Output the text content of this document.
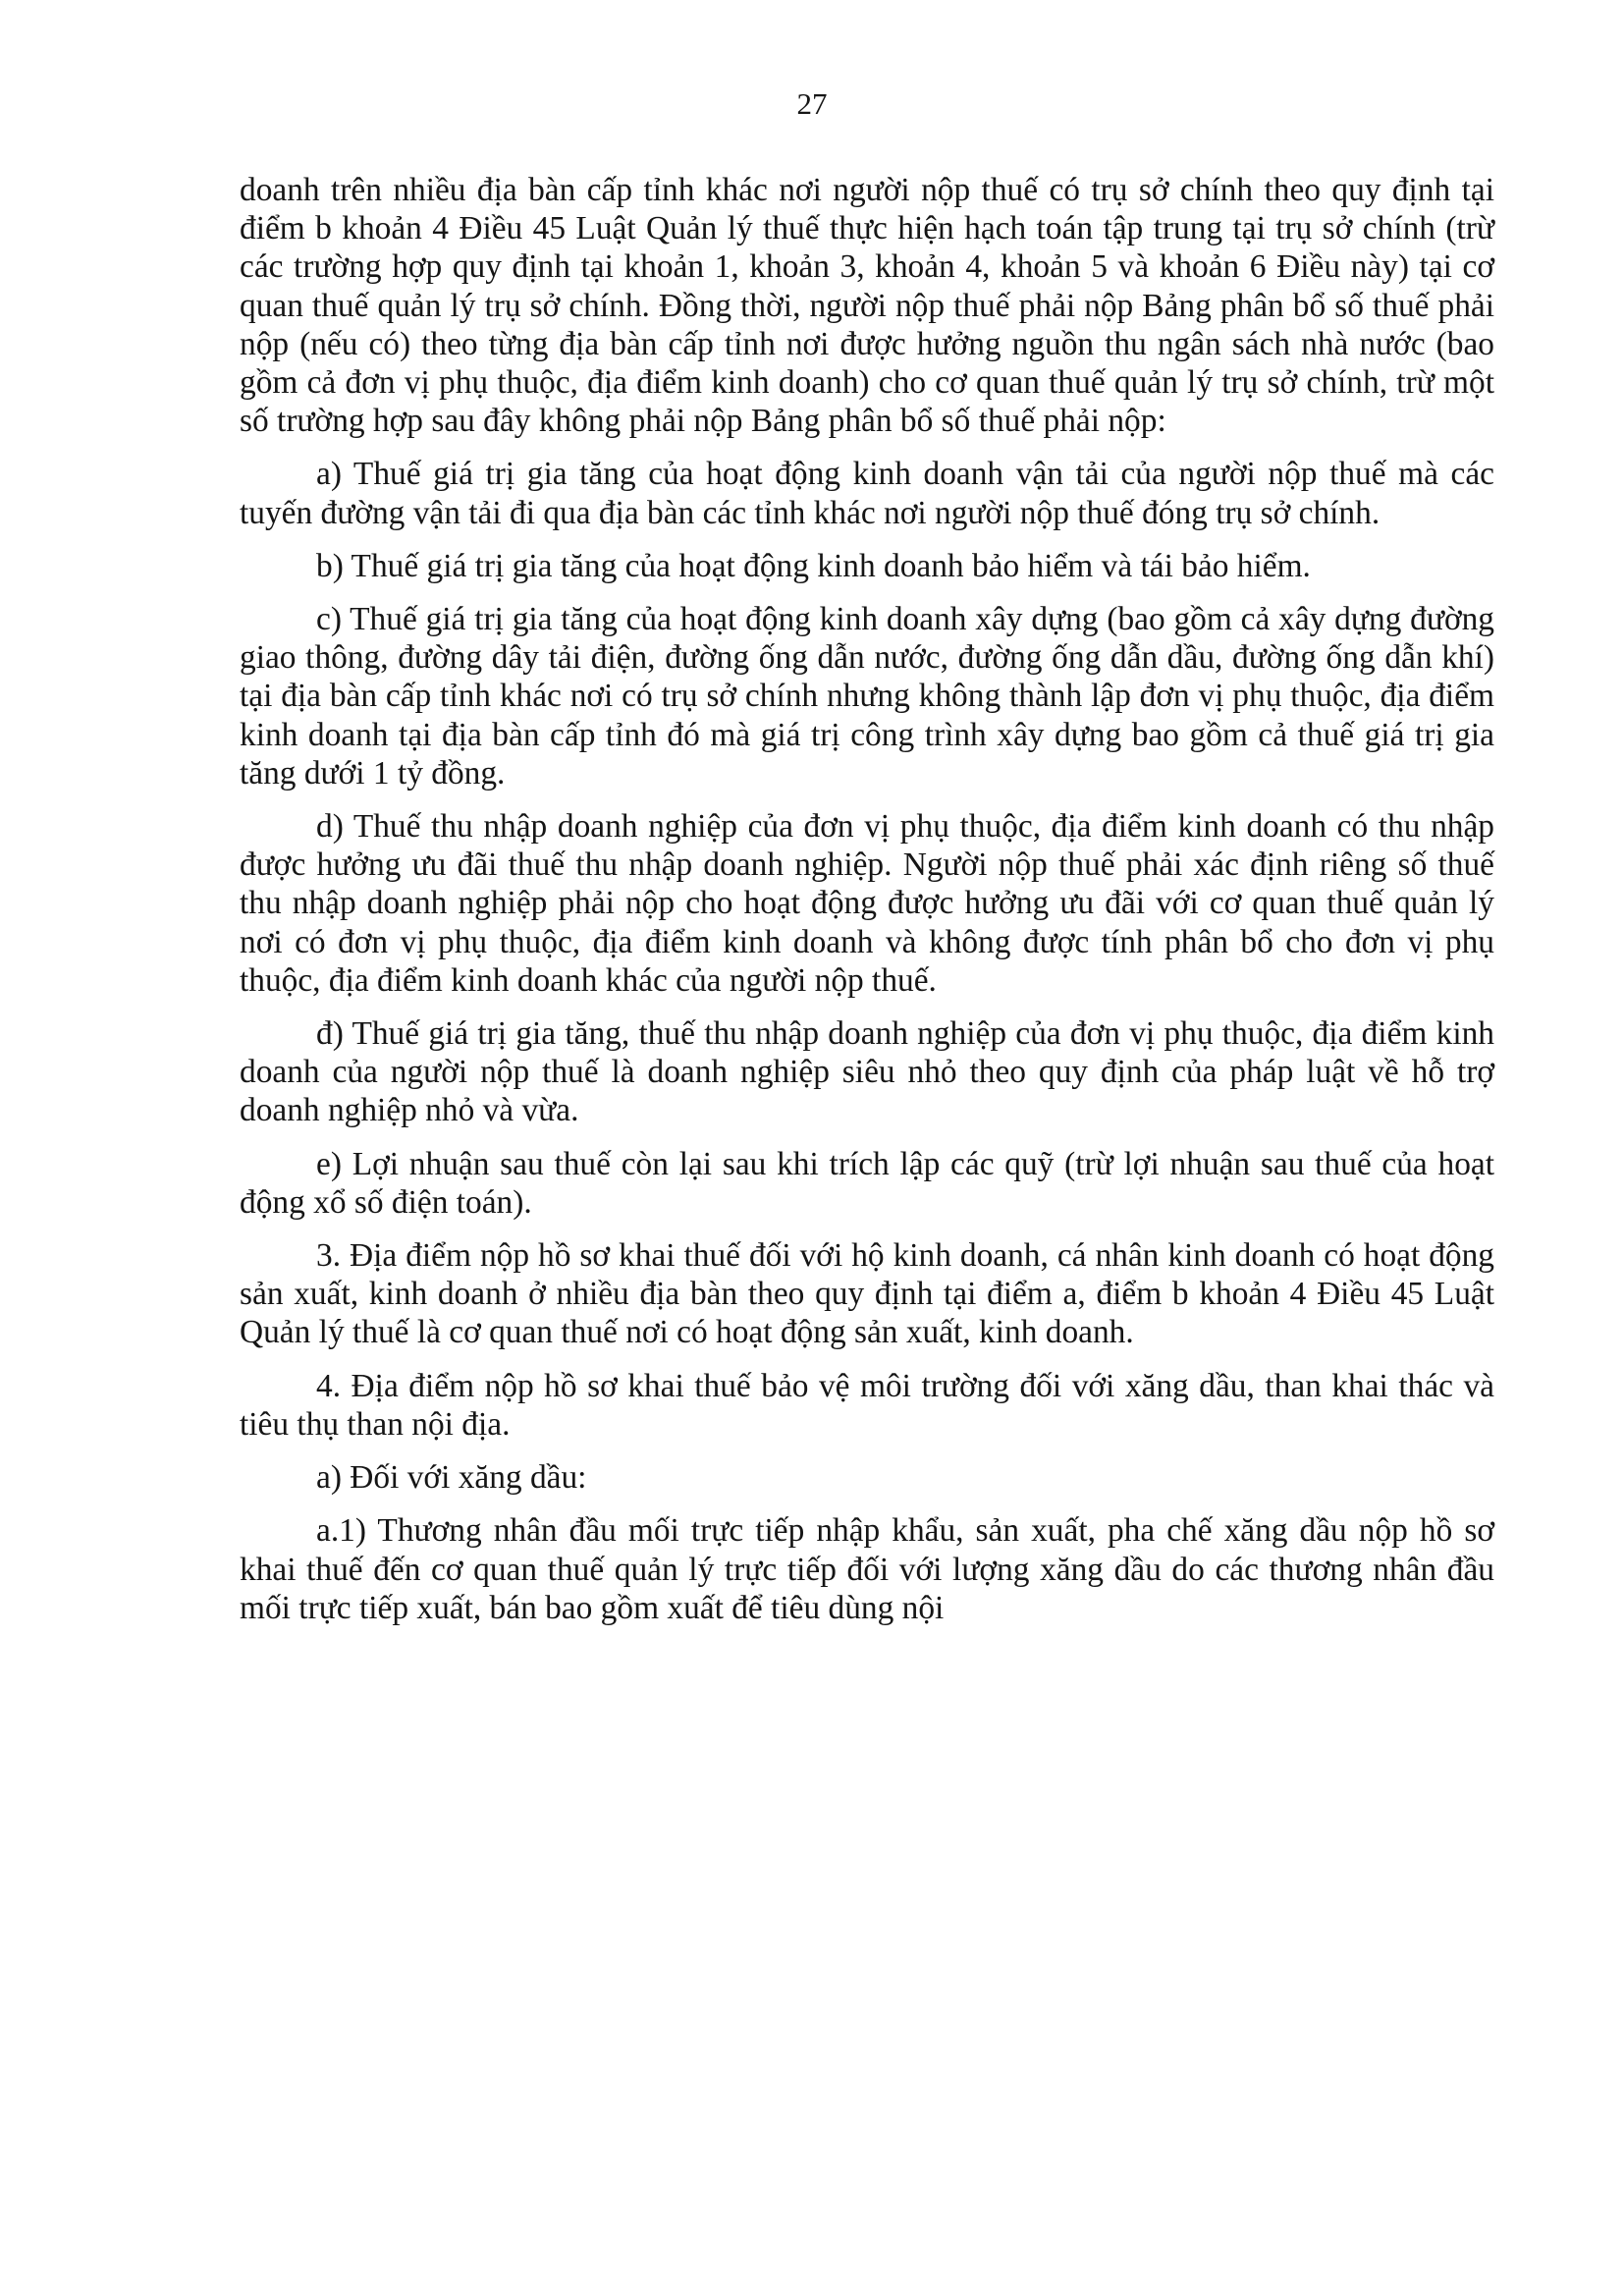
27

doanh trên nhiều địa bàn cấp tỉnh khác nơi người nộp thuế có trụ sở chính theo quy định tại điểm b khoản 4 Điều 45 Luật Quản lý thuế thực hiện hạch toán tập trung tại trụ sở chính (trừ các trường hợp quy định tại khoản 1, khoản 3, khoản 4, khoản 5 và khoản 6 Điều này) tại cơ quan thuế quản lý trụ sở chính. Đồng thời, người nộp thuế phải nộp Bảng phân bổ số thuế phải nộp (nếu có) theo từng địa bàn cấp tỉnh nơi được hưởng nguồn thu ngân sách nhà nước (bao gồm cả đơn vị phụ thuộc, địa điểm kinh doanh) cho cơ quan thuế quản lý trụ sở chính, trừ một số trường hợp sau đây không phải nộp Bảng phân bổ số thuế phải nộp:

a) Thuế giá trị gia tăng của hoạt động kinh doanh vận tải của người nộp thuế mà các tuyến đường vận tải đi qua địa bàn các tỉnh khác nơi người nộp thuế đóng trụ sở chính.

b) Thuế giá trị gia tăng của hoạt động kinh doanh bảo hiểm và tái bảo hiểm.

c) Thuế giá trị gia tăng của hoạt động kinh doanh xây dựng (bao gồm cả xây dựng đường giao thông, đường dây tải điện, đường ống dẫn nước, đường ống dẫn dầu, đường ống dẫn khí) tại địa bàn cấp tỉnh khác nơi có trụ sở chính nhưng không thành lập đơn vị phụ thuộc, địa điểm kinh doanh tại địa bàn cấp tỉnh đó mà giá trị công trình xây dựng bao gồm cả thuế giá trị gia tăng dưới 1 tỷ đồng.

d) Thuế thu nhập doanh nghiệp của đơn vị phụ thuộc, địa điểm kinh doanh có thu nhập được hưởng ưu đãi thuế thu nhập doanh nghiệp. Người nộp thuế phải xác định riêng số thuế thu nhập doanh nghiệp phải nộp cho hoạt động được hưởng ưu đãi với cơ quan thuế quản lý nơi có đơn vị phụ thuộc, địa điểm kinh doanh và không được tính phân bổ cho đơn vị phụ thuộc, địa điểm kinh doanh khác của người nộp thuế.

đ) Thuế giá trị gia tăng, thuế thu nhập doanh nghiệp của đơn vị phụ thuộc, địa điểm kinh doanh của người nộp thuế là doanh nghiệp siêu nhỏ theo quy định của pháp luật về hỗ trợ doanh nghiệp nhỏ và vừa.

e) Lợi nhuận sau thuế còn lại sau khi trích lập các quỹ (trừ lợi nhuận sau thuế của hoạt động xổ số điện toán).

3. Địa điểm nộp hồ sơ khai thuế đối với hộ kinh doanh, cá nhân kinh doanh có hoạt động sản xuất, kinh doanh ở nhiều địa bàn theo quy định tại điểm a, điểm b khoản 4 Điều 45 Luật Quản lý thuế là cơ quan thuế nơi có hoạt động sản xuất, kinh doanh.

4. Địa điểm nộp hồ sơ khai thuế bảo vệ môi trường đối với xăng dầu, than khai thác và tiêu thụ than nội địa.

a) Đối với xăng dầu:

a.1) Thương nhân đầu mối trực tiếp nhập khẩu, sản xuất, pha chế xăng dầu nộp hồ sơ khai thuế đến cơ quan thuế quản lý trực tiếp đối với lượng xăng dầu do các thương nhân đầu mối trực tiếp xuất, bán bao gồm xuất để tiêu dùng nội
